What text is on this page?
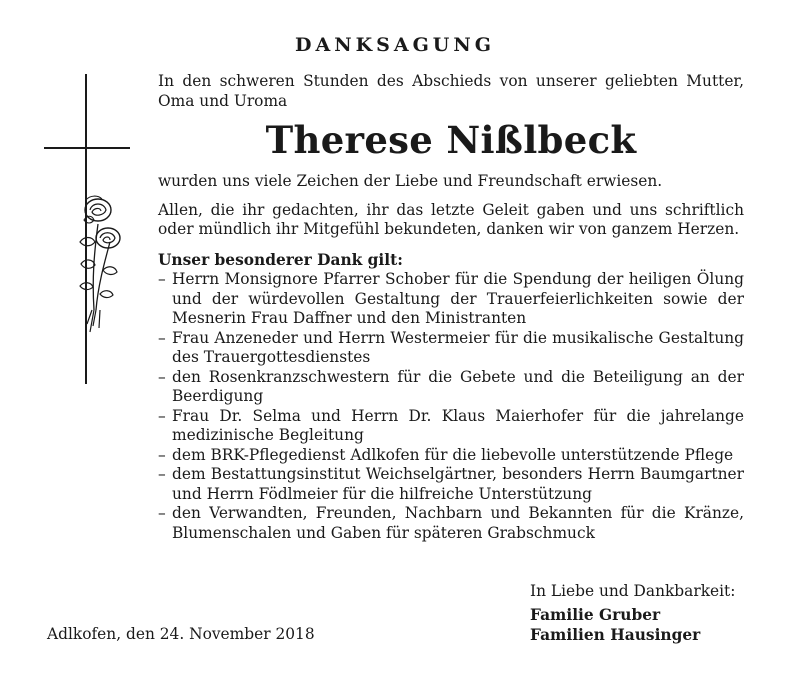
DANKSAGUNG

In den schweren Stunden des Abschieds von unserer geliebten Mutter, Oma und Uroma

Therese Nißlbeck

wurden uns viele Zeichen der Liebe und Freundschaft erwiesen.

Allen, die ihr gedachten, ihr das letzte Geleit gaben und uns schriftlich oder mündlich ihr Mitgefühl bekundeten, danken wir von ganzem Herzen.

Unser besonderer Dank gilt:

– Herrn Monsignore Pfarrer Schober für die Spendung der heiligen Ölung und der würdevollen Gestaltung der Trauerfeierlichkeiten sowie der Mesnerin Frau Daffner und den Ministranten
– Frau Anzeneder und Herrn Westermeier für die musikalische Gestaltung des Trauergottesdienstes
– den Rosenkranzschwestern für die Gebete und die Beteiligung an der Beerdigung
– Frau Dr. Selma und Herrn Dr. Klaus Maierhofer für die jahrelange medizinische Begleitung
– dem BRK-Pflegedienst Adlkofen für die liebevolle unterstützende Pflege
– dem Bestattungsinstitut Weichselgärtner, besonders Herrn Baumgartner und Herrn Födlmeier für die hilfreiche Unterstützung
– den Verwandten, Freunden, Nachbarn und Bekannten für die Kränze, Blumenschalen und Gaben für späteren Grabschmuck
In Liebe und Dankbarkeit:
Familie Gruber
Familien Hausinger
Adlkofen, den 24. November 2018
